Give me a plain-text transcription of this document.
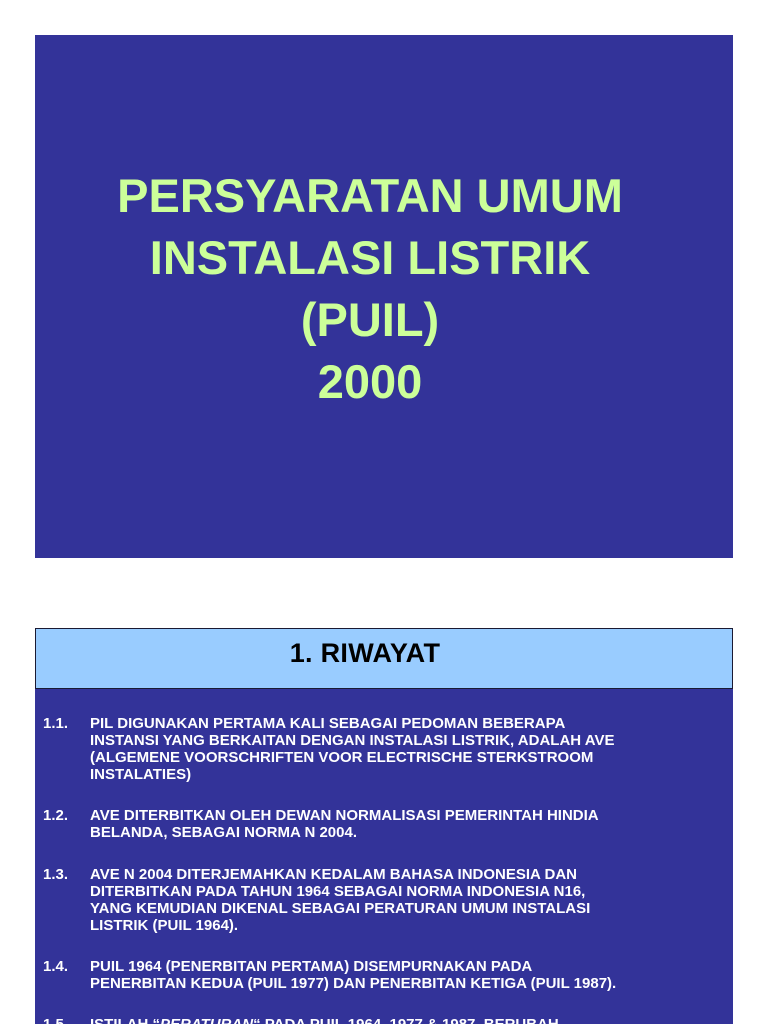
PERSYARATAN UMUM
INSTALASI LISTRIK
(PUIL)
2000
1. RIWAYAT
1.1.	PIL DIGUNAKAN PERTAMA KALI SEBAGAI PEDOMAN BEBERAPA
INSTANSI YANG BERKAITAN DENGAN INSTALASI LISTRIK, ADALAH AVE
(ALGEMENE VOORSCHRIFTEN VOOR ELECTRISCHE STERKSTROOM
INSTALATIES)
1.2.	AVE DITERBITKAN OLEH DEWAN NORMALISASI PEMERINTAH HINDIA
BELANDA, SEBAGAI NORMA N 2004.
1.3.	AVE N 2004 DITERJEMAHKAN KEDALAM BAHASA INDONESIA DAN
DITERBITKAN PADA TAHUN 1964 SEBAGAI NORMA INDONESIA N16,
YANG KEMUDIAN DIKENAL SEBAGAI PERATURAN UMUM INSTALASI
LISTRIK (PUIL 1964).
1.4.	PUIL 1964 (PENERBITAN PERTAMA) DISEMPURNAKAN PADA
PENERBITAN KEDUA (PUIL 1977) DAN PENERBITAN KETIGA (PUIL 1987).
1.5.	ISTILAH “PERATURAN“ PADA PUIL 1964, 1977 & 1987, BERUBAH
